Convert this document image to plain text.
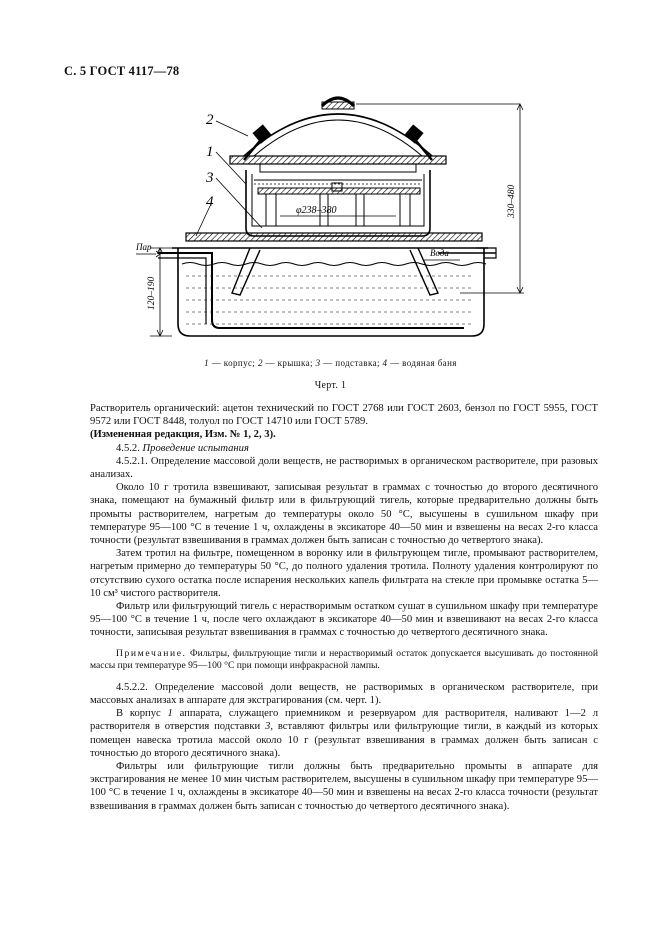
С. 5 ГОСТ 4117—78
2
1
3
4
φ238–380	330–480
120–190
Пар
Вода
1 — корпус; 2 — крышка; 3 — подставка; 4 — водяная баня
Черт. 1

Растворитель органический: ацетон технический по ГОСТ 2768 или ГОСТ 2603, бензол по ГОСТ 5955, ГОСТ 9572 или ГОСТ 8448, толуол по ГОСТ 14710 или ГОСТ 5789.

(Измененная редакция, Изм. № 1, 2, 3).

4.5.2. Проведение испытания

4.5.2.1. Определение массовой доли веществ, не растворимых в органическом растворителе, при разовых анализах.

Около 10 г тротила взвешивают, записывая результат в граммах с точностью до второго десятичного знака, помещают на бумажный фильтр или в фильтрующий тигель, которые предварительно должны быть промыты растворителем, нагретым до температуры около 50 °С, высушены в сушильном шкафу при температуре 95—100 °С в течение 1 ч, охлаждены в эксикаторе 40—50 мин и взвешены на весах 2-го класса точности (результат взвешивания в граммах должен быть записан с точностью до четвертого знака).

Затем тротил на фильтре, помещенном в воронку или в фильтрующем тигле, промывают растворителем, нагретым примерно до температуры 50 °С, до полного удаления тротила. Полноту удаления контролируют по отсутствию сухого остатка после испарения нескольких капель фильтрата на стекле при промывке остатка 5—10 см³ чистого растворителя.

Фильтр или фильтрующий тигель с нерастворимым остатком сушат в сушильном шкафу при температуре 95—100 °С в течение 1 ч, после чего охлаждают в эксикаторе 40—50 мин и взвешивают на весах 2-го класса точности, записывая результат взвешивания в граммах с точностью до четвертого десятичного знака.

Примечание. Фильтры, фильтрующие тигли и нерастворимый остаток допускается высушивать до постоянной массы при температуре 95—100 °С при помощи инфракрасной лампы.

4.5.2.2. Определение массовой доли веществ, не растворимых в органическом растворителе, при массовых анализах в аппарате для экстрагирования (см. черт. 1).

В корпус 1 аппарата, служащего приемником и резервуаром для растворителя, наливают 1—2 л растворителя в отверстия подставки 3, вставляют фильтры или фильтрующие тигли, в каждый из которых помещен навеска тротила массой около 10 г (результат взвешивания в граммах должен быть записан с точностью до второго десятичного знака).

Фильтры или фильтрующие тигли должны быть предварительно промыты в аппарате для экстрагирования не менее 10 мин чистым растворителем, высушены в сушильном шкафу при температуре 95—100 °С в течение 1 ч, охлаждены в эксикаторе 40—50 мин и взвешены на весах 2-го класса точности (результат взвешивания в граммах должен быть записан с точностью до четвертого десятичного знака).
